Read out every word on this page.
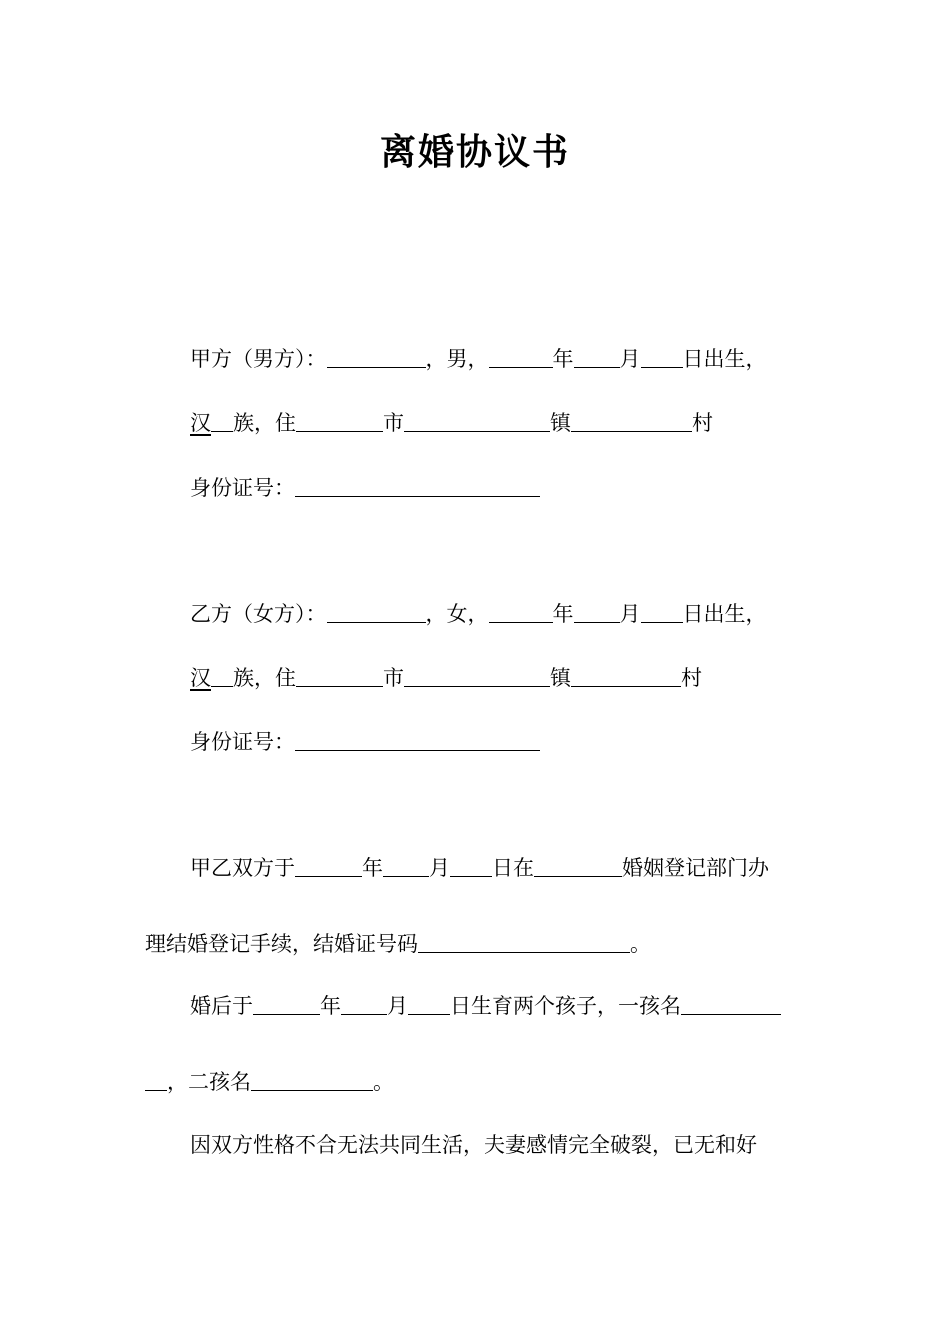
离婚协议书
甲方（男方）：	，男，	年 月 日出生，
汉 族，住	市	镇	村
身份证号：
乙方（女方）：	，女，	年 月 日出生，
汉 族，住	市	镇	村
身份证号：
甲乙双方于	年 月 日在	婚姻登记部门办
理结婚登记手续，结婚证号码	。
婚后于	年 月 日生育两个孩子，一孩名
，二孩名	。
因双方性格不合无法共同生活，夫妻感情完全破裂，已无和好
